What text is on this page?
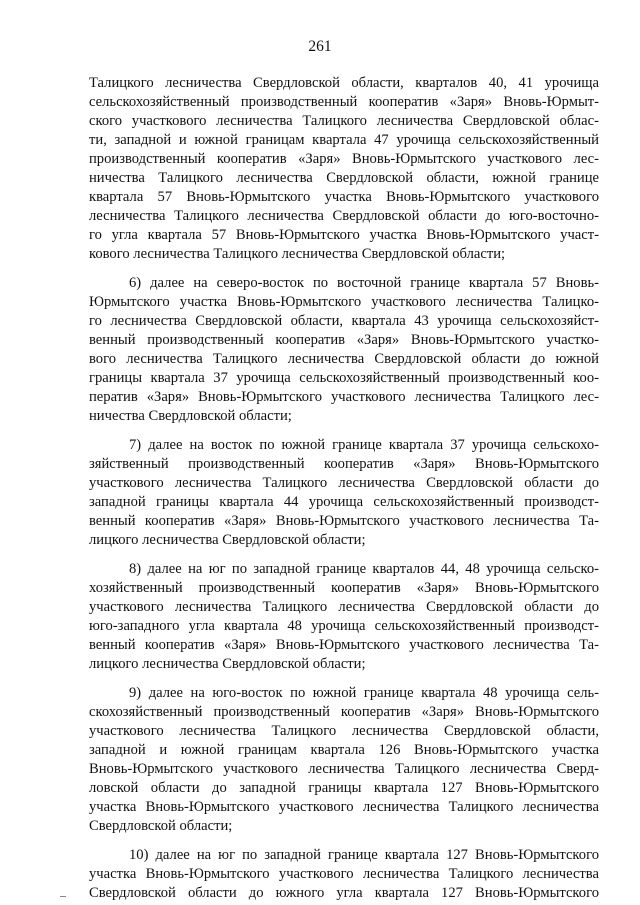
261
Талицкого лесничества Свердловской области, кварталов 40, 41 урочища
сельскохозяйственный производственный кооператив «Заря» Вновь-Юрмыт-
ского участкового лесничества Талицкого лесничества Свердловской облас-
ти, западной и южной границам квартала 47 урочища сельскохозяйственный
производственный кооператив «Заря» Вновь-Юрмытского участкового лес-
ничества Талицкого лесничества Свердловской области, южной границе
квартала 57 Вновь-Юрмытского участка Вновь-Юрмытского участкового
лесничества Талицкого лесничества Свердловской области до юго-восточно-
го угла квартала 57 Вновь-Юрмытского участка Вновь-Юрмытского участ-
кового лесничества Талицкого лесничества Свердловской области;
6) далее на северо-восток по восточной границе квартала 57 Вновь-
Юрмытского участка Вновь-Юрмытского участкового лесничества Талицко-
го лесничества Свердловской области, квартала 43 урочища сельскохозяйст-
венный производственный кооператив «Заря» Вновь-Юрмытского участко-
вого лесничества Талицкого лесничества Свердловской области до южной
границы квартала 37 урочища сельскохозяйственный производственный коо-
ператив «Заря» Вновь-Юрмытского участкового лесничества Талицкого лес-
ничества Свердловской области;
7) далее на восток по южной границе квартала 37 урочища сельскохо-
зяйственный производственный кооператив «Заря» Вновь-Юрмытского
участкового лесничества Талицкого лесничества Свердловской области до
западной границы квартала 44 урочища сельскохозяйственный производст-
венный кооператив «Заря» Вновь-Юрмытского участкового лесничества Та-
лицкого лесничества Свердловской области;
8) далее на юг по западной границе кварталов 44, 48 урочища сельско-
хозяйственный производственный кооператив «Заря» Вновь-Юрмытского
участкового лесничества Талицкого лесничества Свердловской области до
юго-западного угла квартала 48 урочища сельскохозяйственный производст-
венный кооператив «Заря» Вновь-Юрмытского участкового лесничества Та-
лицкого лесничества Свердловской области;
9) далее на юго-восток по южной границе квартала 48 урочища сель-
скохозяйственный производственный кооператив «Заря» Вновь-Юрмытского
участкового лесничества Талицкого лесничества Свердловской области,
западной и южной границам квартала 126 Вновь-Юрмытского участка
Вновь-Юрмытского участкового лесничества Талицкого лесничества Сверд-
ловской области до западной границы квартала 127 Вновь-Юрмытского
участка Вновь-Юрмытского участкового лесничества Талицкого лесничества
Свердловской области;
10) далее на юг по западной границе квартала 127 Вновь-Юрмытского
участка Вновь-Юрмытского участкового лесничества Талицкого лесничества
Свердловской области до южного угла квартала 127 Вновь-Юрмытского
